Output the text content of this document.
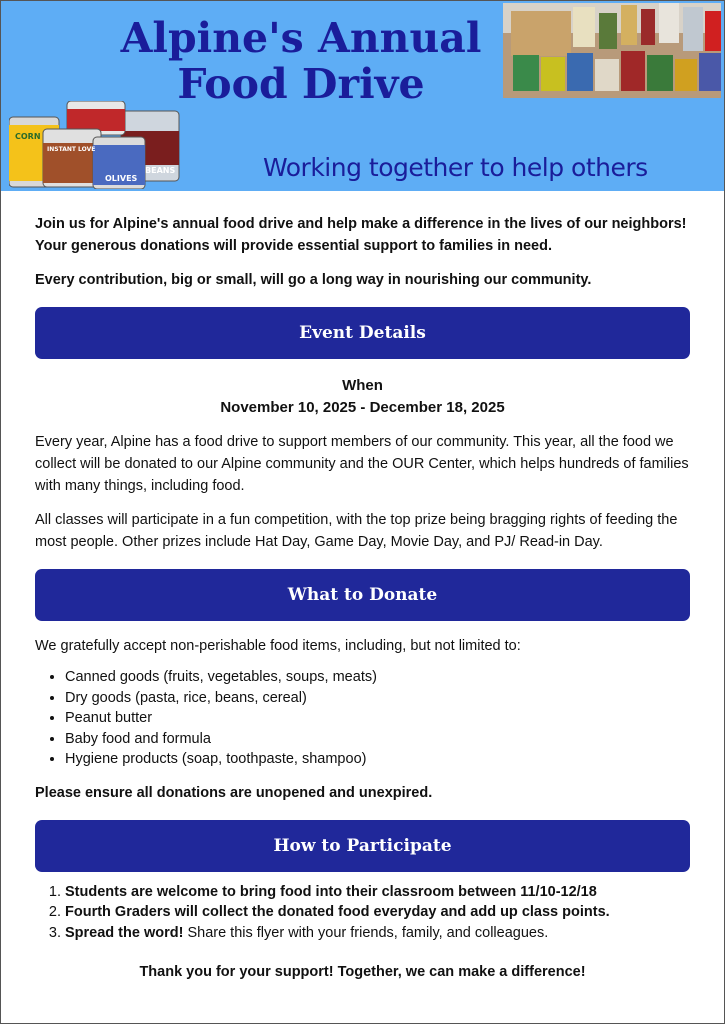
Alpine's Annual
Food Drive
CORN
INSTANT LOVE
OLIVES
BEANS	Working together to help others

Join us for Alpine's annual food drive and help make a difference in the lives of our neighbors! Your generous donations will provide essential support to families in need.

Every contribution, big or small, will go a long way in nourishing our community.

Event Details
When
November 10, 2025 - December 18, 2025

Every year, Alpine has a food drive to support members of our community. This year, all the food we collect will be donated to our Alpine community and the OUR Center, which helps hundreds of families with many things, including food.

All classes will participate in a fun competition, with the top prize being bragging rights of feeding the most people. Other prizes include Hat Day, Game Day, Movie Day, and PJ/ Read-in Day.

What to Donate

We gratefully accept non-perishable food items, including, but not limited to:

• Canned goods (fruits, vegetables, soups, meats)
• Dry goods (pasta, rice, beans, cereal)
• Peanut butter
• Baby food and formula
• Hygiene products (soap, toothpaste, shampoo)

Please ensure all donations are unopened and unexpired.

How to Participate
1. Students are welcome to bring food into their classroom between 11/10-12/18
2. Fourth Graders will collect the donated food everyday and add up class points.
3. Spread the word! Share this flyer with your friends, family, and colleagues.

Thank you for your support! Together, we can make a difference!
